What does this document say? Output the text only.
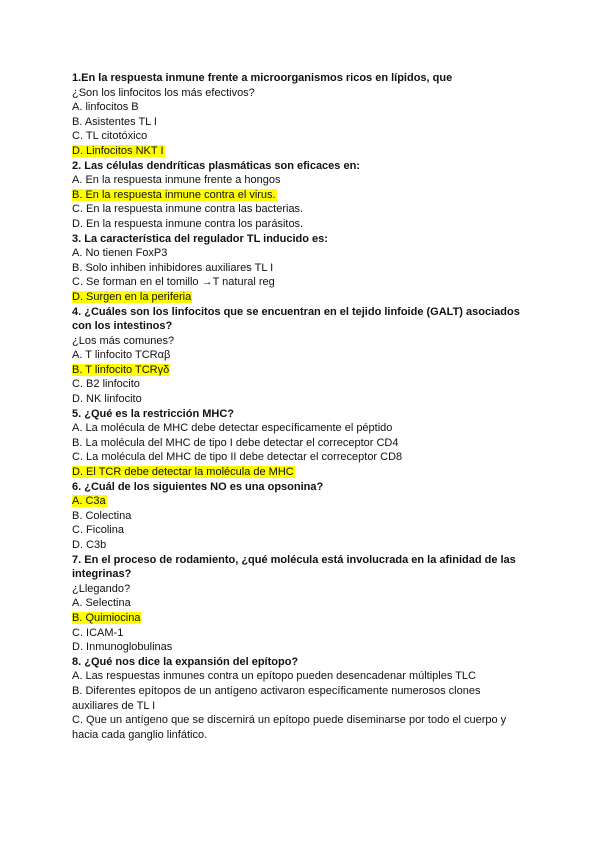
1.En la respuesta inmune frente a microorganismos ricos en lípidos, que
¿Son los linfocitos los más efectivos?
A. linfocitos B
B. Asistentes TL I
C. TL citotóxico
D. Linfocitos NKT I
2. Las células dendríticas plasmáticas son eficaces en:
A. En la respuesta inmune frente a hongos
B. En la respuesta inmune contra el virus.
C. En la respuesta inmune contra las bacterias.
D. En la respuesta inmune contra los parásitos.
3. La característica del regulador TL inducido es:
A. No tienen FoxP3
B. Solo inhiben inhibidores auxiliares TL I
C. Se forman en el tomillo →T natural reg
D. Surgen en la periferia
4. ¿Cuáles son los linfocitos que se encuentran en el tejido linfoide (GALT) asociados
con los intestinos?
¿Los más comunes?
A. T linfocito TCRαβ
B. T linfocito TCRγδ
C. B2 linfocito
D. NK linfocito
5. ¿Qué es la restricción MHC?
A. La molécula de MHC debe detectar específicamente el péptido
B. La molécula del MHC de tipo I debe detectar el correceptor CD4
C. La molécula del MHC de tipo II debe detectar el correceptor CD8
D. El TCR debe detectar la molécula de MHC
6. ¿Cuál de los siguientes NO es una opsonina?
A. C3a
B. Colectina
C. Ficolina
D. C3b
7. En el proceso de rodamiento, ¿qué molécula está involucrada en la afinidad de las
integrinas?
¿Llegando?
A. Selectina
B. Quimiocina
C. ICAM-1
D. Inmunoglobulinas
8. ¿Qué nos dice la expansión del epítopo?
A. Las respuestas inmunes contra un epítopo pueden desencadenar múltiples TLC
B. Diferentes epítopos de un antígeno activaron específicamente numerosos clones
auxiliares de TL I
C. Que un antígeno que se discernirá un epítopo puede diseminarse por todo el cuerpo y
hacia cada ganglio linfático.
